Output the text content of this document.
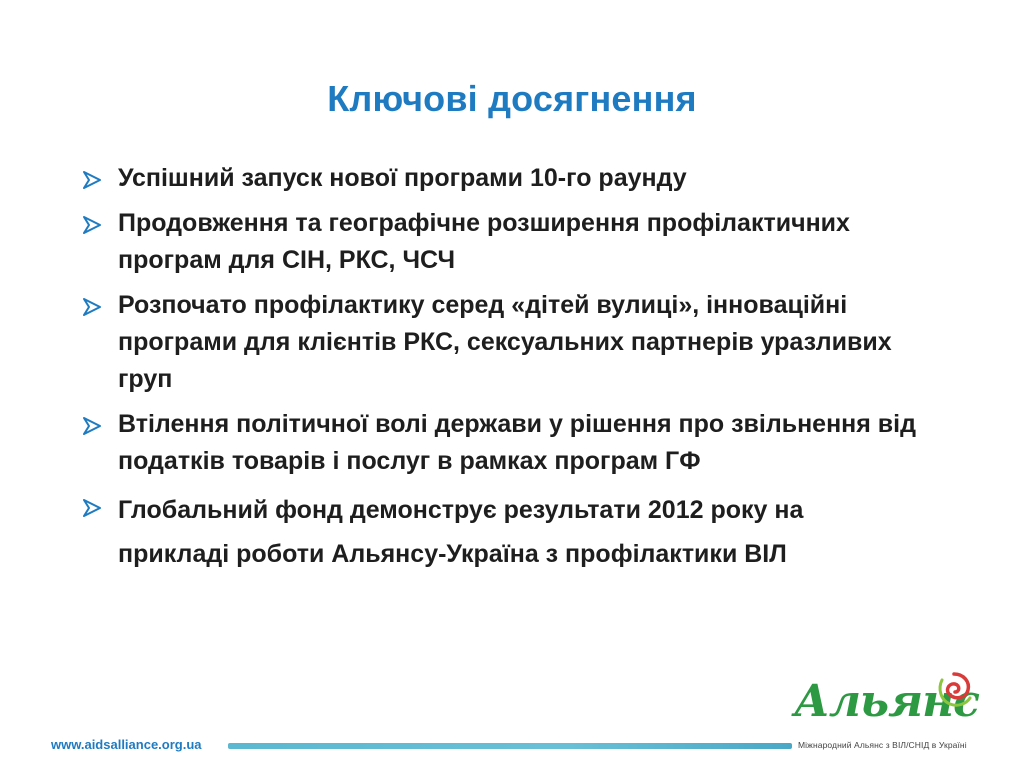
Ключові досягнення
Успішний запуск нової програми 10-го раунду
Продовження та географічне розширення профілактичних програм для СІН, РКС, ЧСЧ
Розпочато профілактику серед «дітей вулиці», інноваційні програми для клієнтів РКС, сексуальних партнерів уразливих груп
Втілення політичної волі держави у рішення про звільнення від податків товарів і послуг в рамках програм ГФ
Глобальний фонд демонструє результати 2012 року на прикладі роботи Альянсу-Україна з профілактики ВІЛ
www.aidsalliance.org.ua
Альянс
Міжнародний Альянс з ВІЛ/СНІД в Україні
